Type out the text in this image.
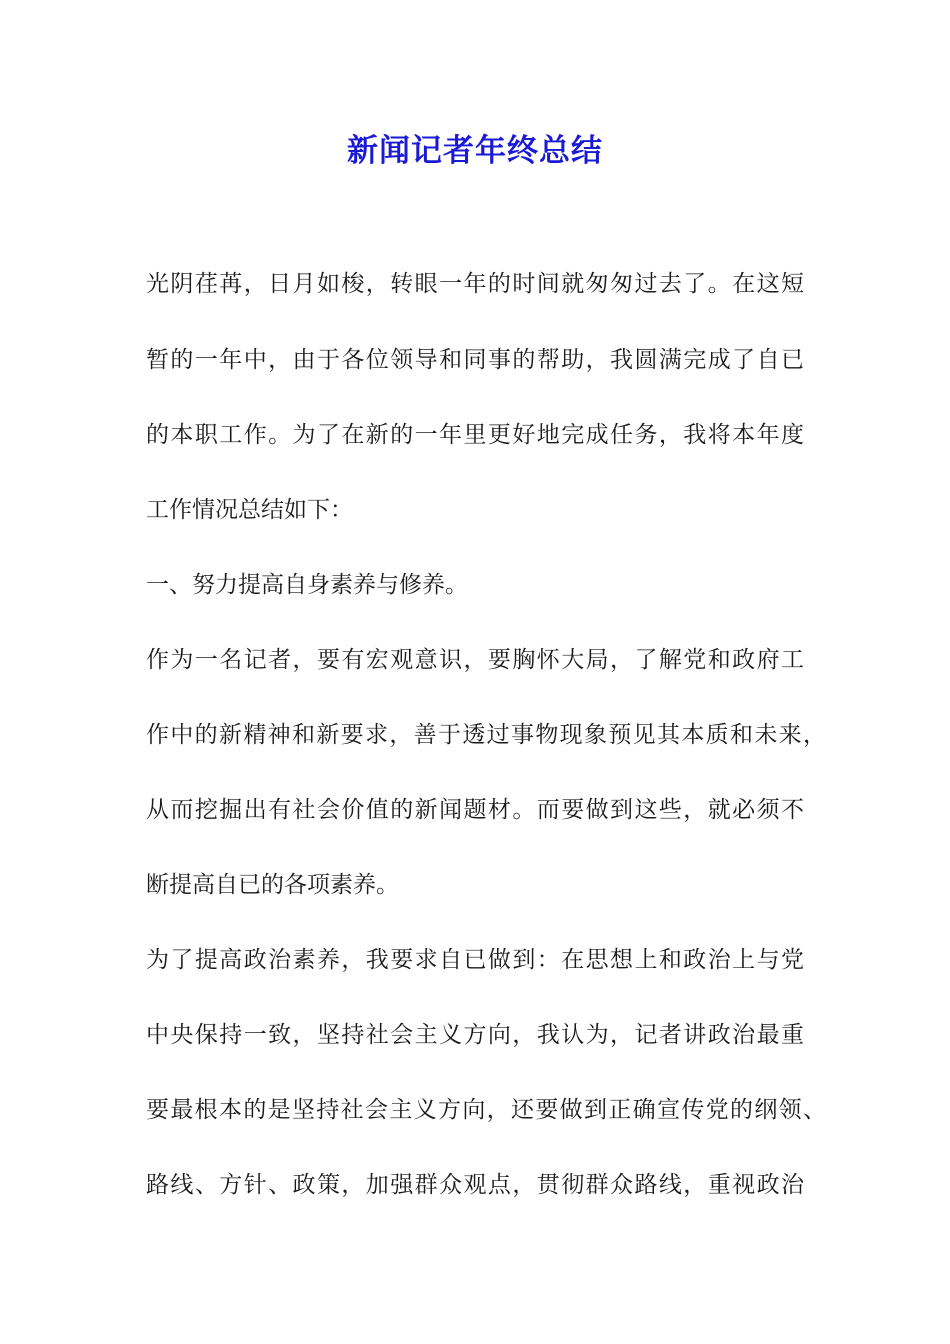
新闻记者年终总结
光阴荏苒，日月如梭，转眼一年的时间就匆匆过去了。在这短
暂的一年中，由于各位领导和同事的帮助，我圆满完成了自已
的本职工作。为了在新的一年里更好地完成任务，我将本年度
工作情况总结如下：
一、努力提高自身素养与修养。
作为一名记者，要有宏观意识，要胸怀大局，了解党和政府工
作中的新精神和新要求，善于透过事物现象预见其本质和未来，
从而挖掘出有社会价值的新闻题材。而要做到这些，就必须不
断提高自已的各项素养。
为了提高政治素养，我要求自已做到：在思想上和政治上与党
中央保持一致，坚持社会主义方向，我认为，记者讲政治最重
要最根本的是坚持社会主义方向，还要做到正确宣传党的纲领、
路线、方针、政策，加强群众观点，贯彻群众路线，重视政治
